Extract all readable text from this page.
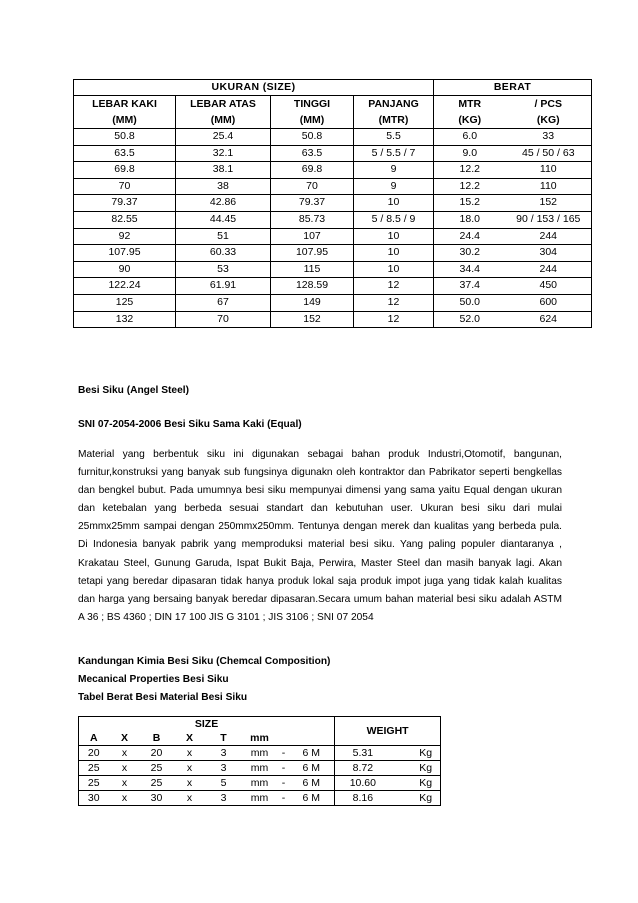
UKURAN (SIZE)				BERAT	
LEBAR KAKI	LEBAR ATAS	TINGGI	PANJANG	MTR	/ PCS
(MM)	(MM)	(MM)	(MTR)	(KG)	(KG)
50.8	25.4	50.8	5.5	6.0	33
63.5	32.1	63.5	5 / 5.5 / 7	9.0	45 / 50 / 63
69.8	38.1	69.8	9	12.2	110
70	38	70	9	12.2	110
79.37	42.86	79.37	10	15.2	152
82.55	44.45	85.73	5 / 8.5 / 9	18.0	90 / 153 / 165
92	51	107	10	24.4	244
107.95	60.33	107.95	10	30.2	304
90	53	115	10	34.4	244
122.24	61.91	128.59	12	37.4	450
125	67	149	12	50.0	600
132	70	152	12	52.0	624

Besi Siku (Angel Steel)

SNI 07-2054-2006 Besi Siku Sama Kaki (Equal)

Material yang berbentuk siku ini digunakan sebagai bahan produk Industri,Otomotif, bangunan, furnitur,konstruksi yang banyak sub fungsinya digunakn oleh kontraktor dan Pabrikator seperti bengkellas dan bengkel bubut. Pada umumnya besi siku mempunyai dimensi yang sama yaitu Equal dengan ukuran dan ketebalan yang berbeda sesuai standart dan kebutuhan user. Ukuran besi siku dari mulai 25mmx25mm sampai dengan 250mmx250mm. Tentunya dengan merek dan kualitas yang berbeda pula. Di Indonesia banyak pabrik yang memproduksi material besi siku. Yang paling populer diantaranya , Krakatau Steel, Gunung Garuda, Ispat Bukit Baja, Perwira, Master Steel dan masih banyak lagi. Akan tetapi yang beredar dipasaran tidak hanya produk lokal saja produk impot juga yang tidak kalah kualitas dan harga yang bersaing banyak beredar dipasaran.Secara umum bahan material besi siku adalah ASTM A 36 ; BS 4360 ; DIN 17 100 JIS G 3101 ; JIS 3106 ; SNI 07 2054

Kandungan Kimia Besi Siku (Chemcal Composition)

Mecanical Properties Besi Siku

Tabel Berat Besi Material Besi Siku

SIZE								WEIGHT	
A	X	B	X	T	mm				
20	x	20	x	3	mm	-	6 M	5.31	Kg
25	x	25	x	3	mm	-	6 M	8.72	Kg
25	x	25	x	5	mm	-	6 M	10.60	Kg
30	x	30	x	3	mm	-	6 M	8.16	Kg
